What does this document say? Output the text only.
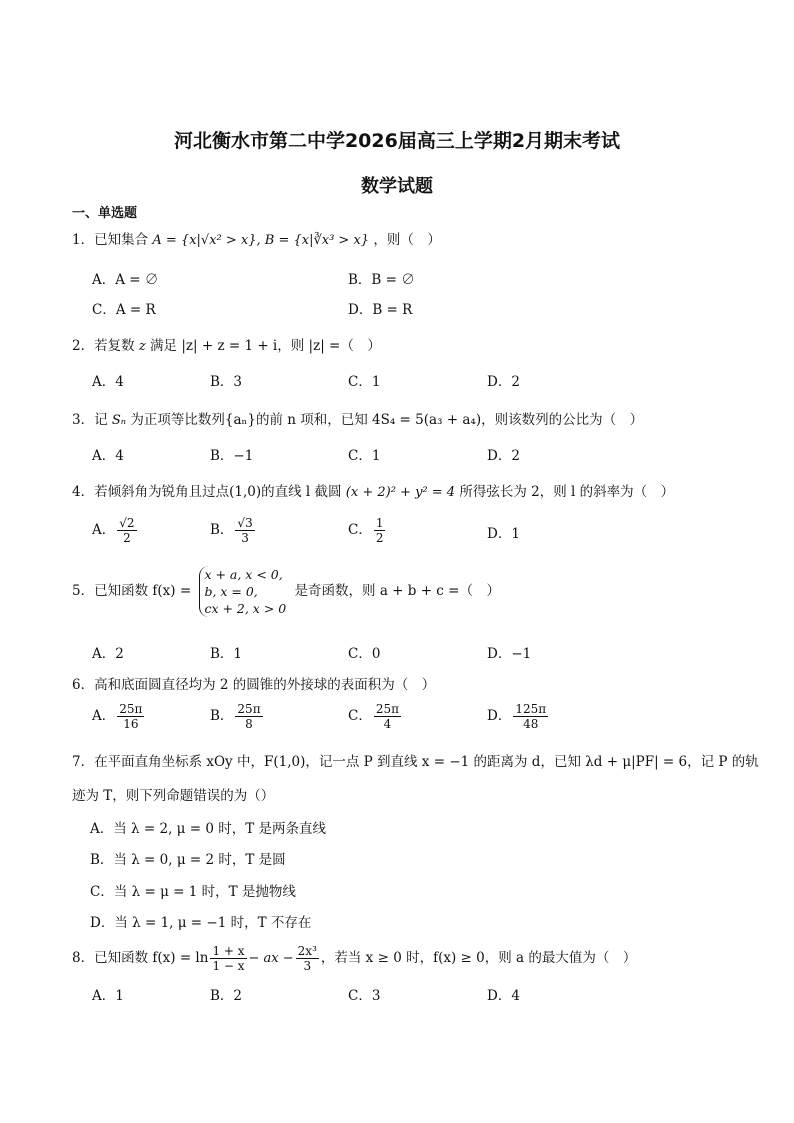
河北衡水市第二中学2026届高三上学期2月期末考试
数学试题
一、单选题
1．已知集合 A = {x|√x² > x}, B = {x|∛x³ > x} ，则（　）
A．A = ∅	B．B = ∅
C．A = R	D．B = R
2．若复数 z 满足 |z| + z = 1 + i，则 |z| =（　）
A．4	B．3	C．1	D．2
3．记 Sₙ 为正项等比数列{aₙ}的前 n 项和，已知 4S₄ = 5(a₃ + a₄)，则该数列的公比为（　）
A．4	B．−1	C．1	D．2
4．若倾斜角为锐角且过点(1,0)的直线 l 截圆 (x + 2)² + y² = 4 所得弦长为 2，则 l 的斜率为（　）
A． $\frac{√2}{2}$	B． $\frac{√3}{3}$	C． $\frac{1}{2}$	D．1
5．已知函数 f(x) =
x + a, x < 0,
b, x = 0,
cx + 2, x > 0
是奇函数，则 a + b + c =（　）
A．2	B．1	C．0	D．−1
6．高和底面圆直径均为 2 的圆锥的外接球的表面积为（　）
A． $\frac{25\pi}{16}$	B． $\frac{25\pi}{8}$	C． $\frac{25\pi}{4}$	D． $\frac{125\pi}{48}$
7．在平面直角坐标系 xOy 中，F(1,0)，记一点 P 到直线 x = −1 的距离为 d，已知 λd + μ|PF| = 6，记 P 的轨
迹为 T，则下列命题错误的为（）
A．当 λ = 2, μ = 0 时，T 是两条直线
B．当 λ = 0, μ = 2 时，T 是圆
C．当 λ = μ = 1 时，T 是抛物线
D．当 λ = 1, μ = −1 时，T 不存在
8．已知函数 $f(x) = \ln \frac{1 + x}{1 - x}$ − ax − $\frac{\text{2x³}}{3}$ ，若当 x ≥ 0 时，f(x) ≥ 0，则 a 的最大值为（　）
A．1	B．2	C．3	D．4
